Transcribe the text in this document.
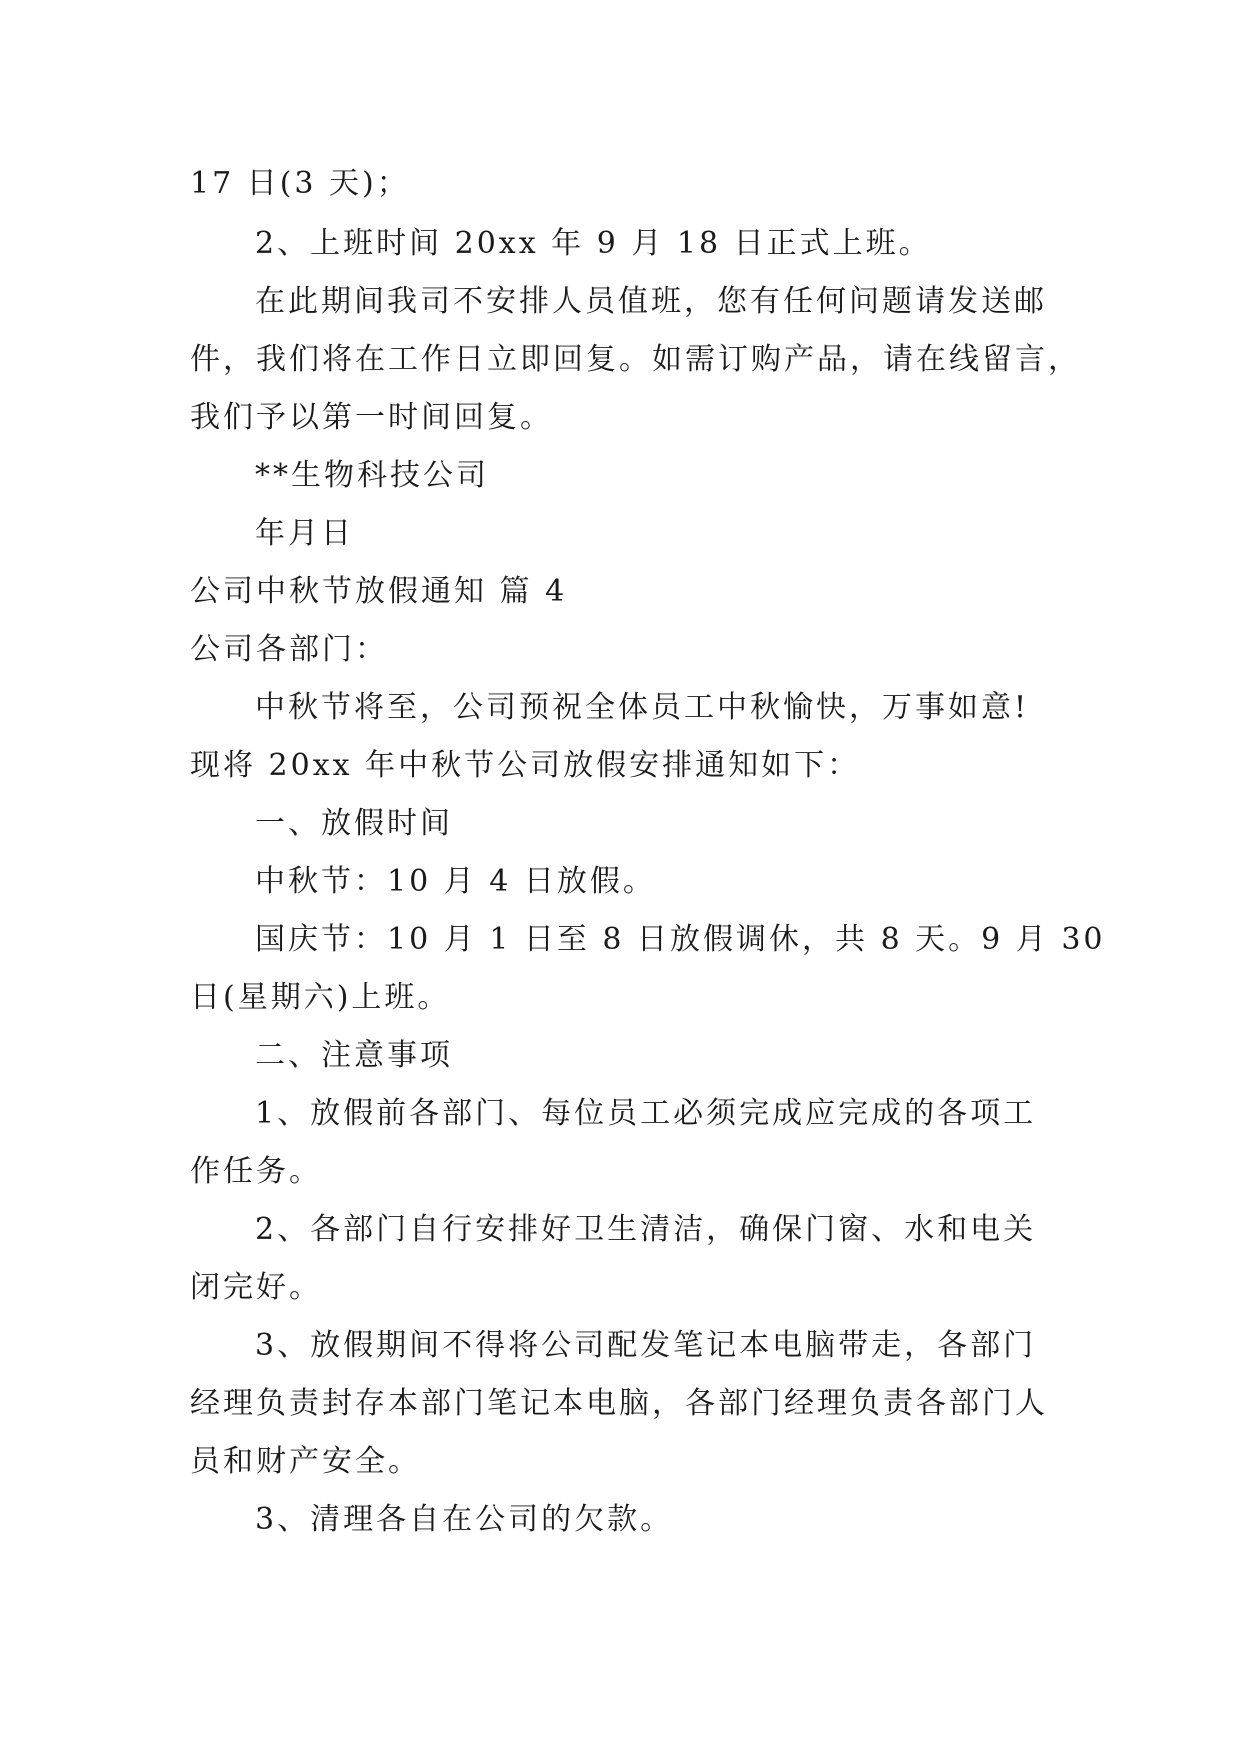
17 日(3 天)；
2、上班时间 20xx 年 9 月 18 日正式上班。
在此期间我司不安排人员值班，您有任何问题请发送邮
件，我们将在工作日立即回复。如需订购产品，请在线留言，
我们予以第一时间回复。
**生物科技公司
年月日
公司中秋节放假通知 篇 4
公司各部门：
中秋节将至，公司预祝全体员工中秋愉快，万事如意!
现将 20xx 年中秋节公司放假安排通知如下：
一、放假时间
中秋节：10 月 4 日放假。
国庆节：10 月 1 日至 8 日放假调休，共 8 天。9 月 30
日(星期六)上班。
二、注意事项
1、放假前各部门、每位员工必须完成应完成的各项工
作任务。
2、各部门自行安排好卫生清洁，确保门窗、水和电关
闭完好。
3、放假期间不得将公司配发笔记本电脑带走，各部门
经理负责封存本部门笔记本电脑，各部门经理负责各部门人
员和财产安全。
3、清理各自在公司的欠款。
